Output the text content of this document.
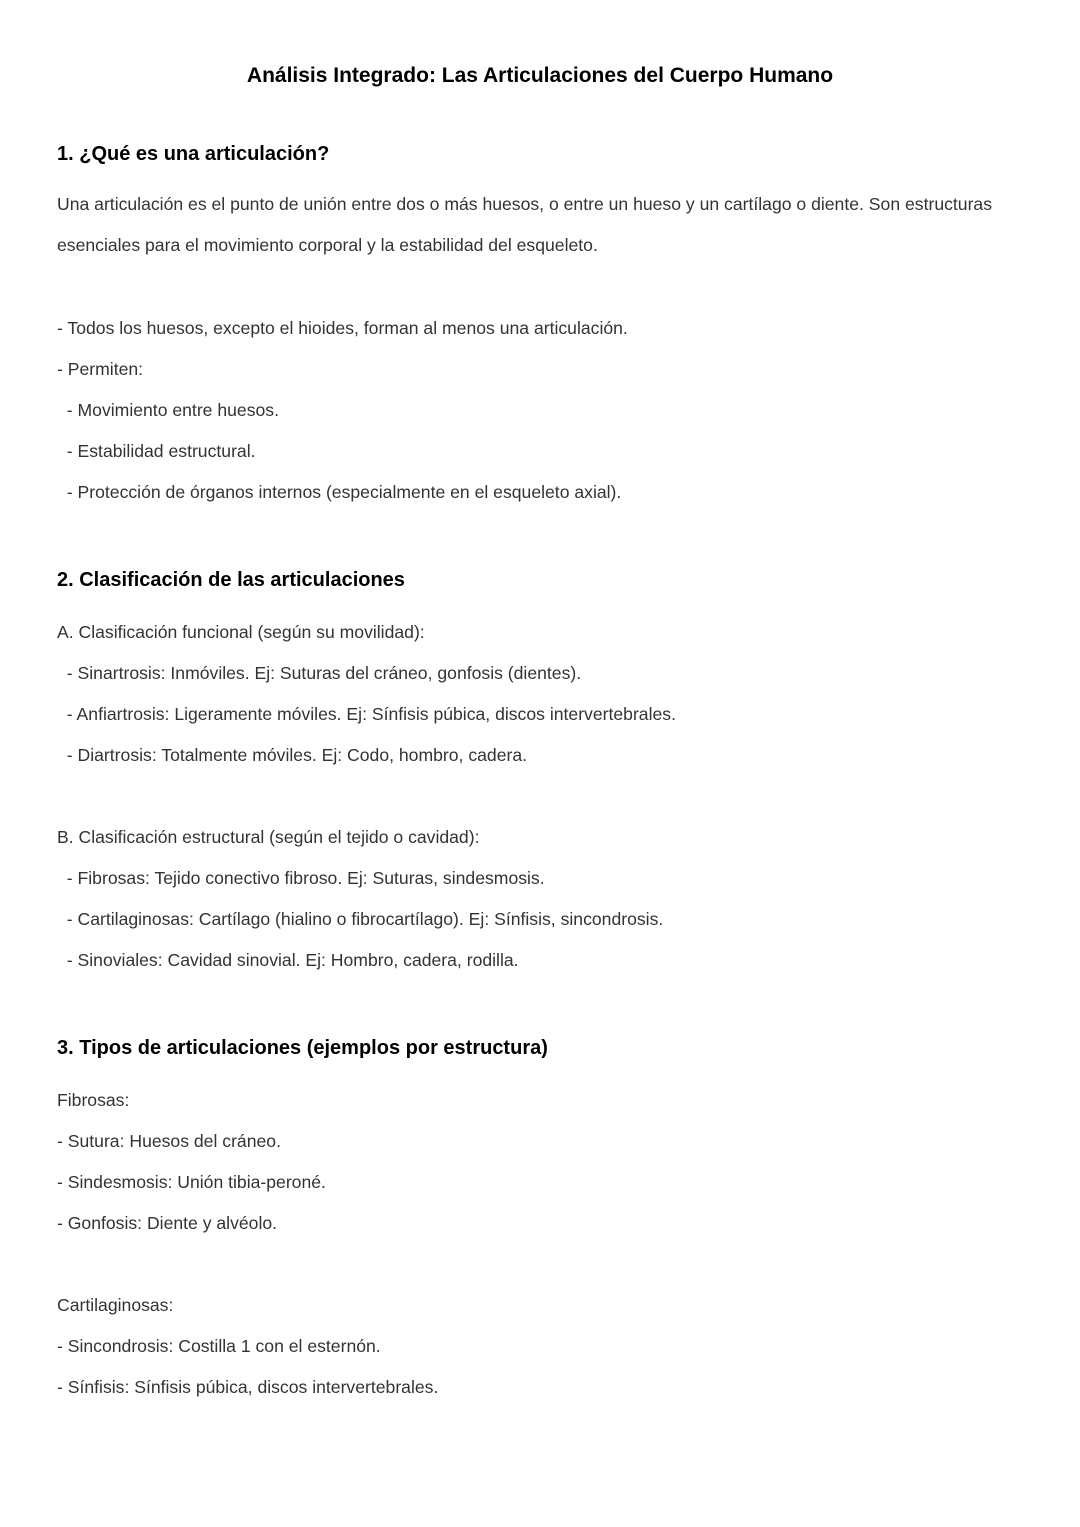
Análisis Integrado: Las Articulaciones del Cuerpo Humano
1. ¿Qué es una articulación?

Una articulación es el punto de unión entre dos o más huesos, o entre un hueso y un cartílago o diente. Son estructuras

esenciales para el movimiento corporal y la estabilidad del esqueleto.

- Todos los huesos, excepto el hioides, forman al menos una articulación.

- Permiten:

- Movimiento entre huesos.

- Estabilidad estructural.

- Protección de órganos internos (especialmente en el esqueleto axial).

2. Clasificación de las articulaciones

A. Clasificación funcional (según su movilidad):

- Sinartrosis: Inmóviles. Ej: Suturas del cráneo, gonfosis (dientes).

- Anfiartrosis: Ligeramente móviles. Ej: Sínfisis púbica, discos intervertebrales.

- Diartrosis: Totalmente móviles. Ej: Codo, hombro, cadera.

B. Clasificación estructural (según el tejido o cavidad):

- Fibrosas: Tejido conectivo fibroso. Ej: Suturas, sindesmosis.

- Cartilaginosas: Cartílago (hialino o fibrocartílago). Ej: Sínfisis, sincondrosis.

- Sinoviales: Cavidad sinovial. Ej: Hombro, cadera, rodilla.

3. Tipos de articulaciones (ejemplos por estructura)

Fibrosas:

- Sutura: Huesos del cráneo.

- Sindesmosis: Unión tibia-peroné.

- Gonfosis: Diente y alvéolo.

Cartilaginosas:

- Sincondrosis: Costilla 1 con el esternón.

- Sínfisis: Sínfisis púbica, discos intervertebrales.
